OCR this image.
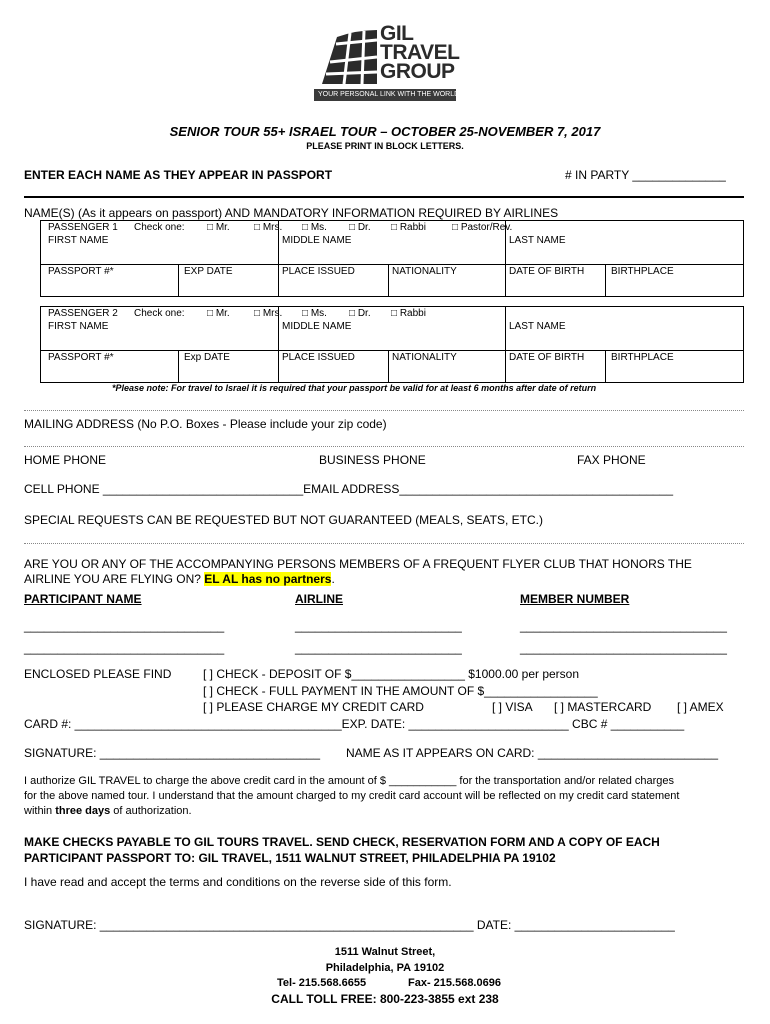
GIL
TRAVEL
GROUP
YOUR PERSONAL LINK WITH THE WORLD
SENIOR TOUR 55+ ISRAEL TOUR – OCTOBER 25-NOVEMBER 7, 2017
PLEASE PRINT IN BLOCK LETTERS.
ENTER EACH NAME AS THEY APPEAR IN PASSPORT	# IN PARTY ______________
NAME(S) (As it appears on passport) AND MANDATORY INFORMATION REQUIRED BY AIRLINES
PASSENGER 1 Check one: □ Mr. □ Mrs. □ Ms. □ Dr. □ Rabbi	□ Pastor/Rev.
FIRST NAME	MIDDLE NAME	LAST NAME
PASSPORT #*	EXP DATE	PLACE ISSUED	NATIONALITY	DATE OF BIRTH	BIRTHPLACE
PASSENGER 2 Check one: □ Mr. □ Mrs. □ Ms. □ Dr. □ Rabbi
FIRST NAME	MIDDLE NAME	LAST NAME
PASSPORT #*	Exp DATE	PLACE ISSUED	NATIONALITY	DATE OF BIRTH	BIRTHPLACE
*Please note: For travel to Israel it is required that your passport be valid for at least 6 months after date of return
MAILING ADDRESS (No P.O. Boxes - Please include your zip code)
HOME PHONE	BUSINESS PHONE	FAX PHONE
CELL PHONE ______________________________EMAIL ADDRESS_________________________________________
SPECIAL REQUESTS CAN BE REQUESTED BUT NOT GUARANTEED (MEALS, SEATS, ETC.)
ARE YOU OR ANY OF THE ACCOMPANYING PERSONS MEMBERS OF A FREQUENT FLYER CLUB THAT HONORS THE
AIRLINE YOU ARE FLYING ON? EL AL has no partners.
PARTICIPANT NAME	AIRLINE	MEMBER NUMBER
______________________________	_________________________	_______________________________
______________________________	_________________________	_______________________________
ENCLOSED PLEASE FIND	[ ] CHECK - DEPOSIT OF $_________________ $1000.00 per person
[ ] CHECK - FULL PAYMENT IN THE AMOUNT OF $_________________
[ ] PLEASE CHARGE MY CREDIT CARD	[ ] VISA [ ] MASTERCARD [ ] AMEX
CARD #: ________________________________________EXP. DATE: ________________________ CBC # ___________
SIGNATURE: _________________________________ NAME AS IT APPEARS ON CARD: ___________________________
I authorize GIL TRAVEL to charge the above credit card in the amount of $ ___________ for the transportation and/or related charges
for the above named tour. I understand that the amount charged to my credit card account will be reflected on my credit card statement
within three days of authorization.
MAKE CHECKS PAYABLE TO GIL TOURS TRAVEL. SEND CHECK, RESERVATION FORM AND A COPY OF EACH
PARTICIPANT PASSPORT TO: GIL TRAVEL, 1511 WALNUT STREET, PHILADELPHIA PA 19102
I have read and accept the terms and conditions on the reverse side of this form.
SIGNATURE: ________________________________________________________ DATE: ________________________
1511 Walnut Street,
Philadelphia, PA 19102
Tel- 215.568.6655	Fax- 215.568.0696
CALL TOLL FREE: 800-223-3855 ext 238
